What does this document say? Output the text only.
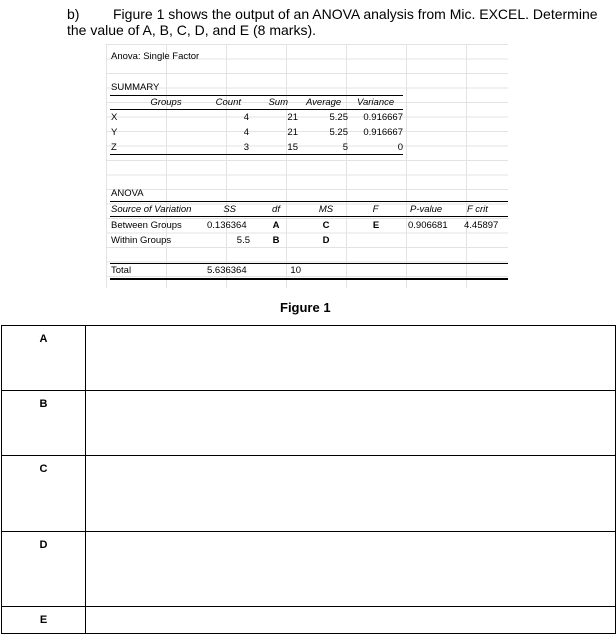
b) Figure 1 shows the output of an ANOVA analysis from Mic. EXCEL. Determine
the value of A, B, C, D, and E (8 marks).
Anova: Single Factor
SUMMARY
Groups	Count	Sum Average Variance
X	4	21	5.25	0.916667
Y	4	21	5.25	0.916667
Z	3	15	5	0
ANOVA
Source of Variation	SS	df	MS	F	P-value	F crit
Between Groups	0.136364	A	C	E	0.906681 4.45897
Within Groups	5.5	B	D
Total	5.636364	10
Figure 1
A	
B	
C	
D	
E	
